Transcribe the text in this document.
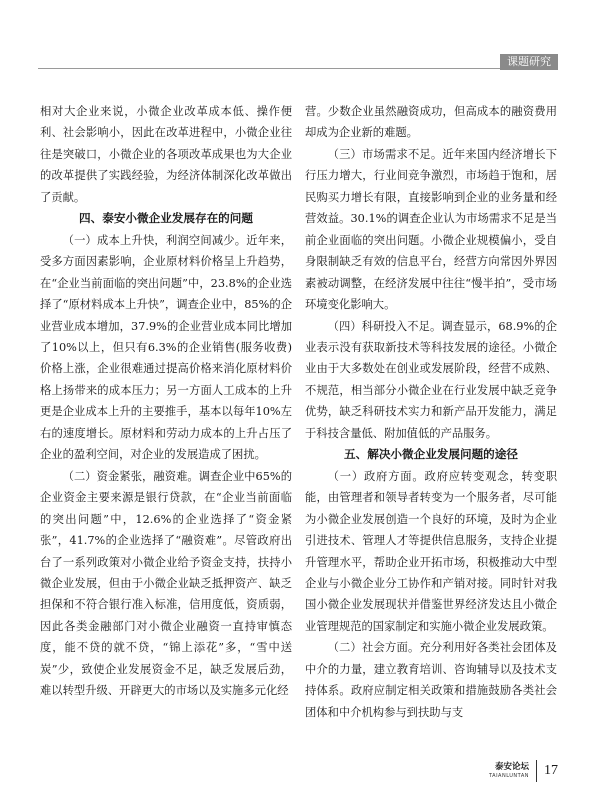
课题研究

相对大企业来说，小微企业改革成本低、操作便利、社会影响小，因此在改革进程中，小微企业往往是突破口，小微企业的各项改革成果也为大企业的改革提供了实践经验，为经济体制深化改革做出了贡献。

四、泰安小微企业发展存在的问题

（一）成本上升快，利润空间减少。近年来，受多方面因素影响，企业原材料价格呈上升趋势，在“企业当前面临的突出问题”中，23.8%的企业选择了“原材料成本上升快”，调查企业中，85%的企业营业成本增加，37.9%的企业营业成本同比增加了10%以上，但只有6.3%的企业销售(服务收费)价格上涨，企业很难通过提高价格来消化原材料价格上扬带来的成本压力；另一方面人工成本的上升更是企业成本上升的主要推手，基本以每年10%左右的速度增长。原材料和劳动力成本的上升占压了企业的盈利空间，对企业的发展造成了困扰。

（二）资金紧张，融资难。调查企业中65%的企业资金主要来源是银行贷款，在“企业当前面临的突出问题”中，12.6%的企业选择了“资金紧张”，41.7%的企业选择了“融资难”。尽管政府出台了一系列政策对小微企业给予资金支持，扶持小微企业发展，但由于小微企业缺乏抵押资产、缺乏担保和不符合银行准入标准，信用度低，资质弱，因此各类金融部门对小微企业融资一直持审慎态度，能不贷的就不贷，“锦上添花”多，“雪中送炭”少，致使企业发展资金不足，缺乏发展后劲，难以转型升级、开辟更大的市场以及实施多元化经

营。少数企业虽然融资成功，但高成本的融资费用却成为企业新的难题。

（三）市场需求不足。近年来国内经济增长下行压力增大，行业间竞争激烈，市场趋于饱和，居民购买力增长有限，直接影响到企业的业务量和经营效益。30.1%的调查企业认为市场需求不足是当前企业面临的突出问题。小微企业规模偏小，受自身限制缺乏有效的信息平台，经营方向常因外界因素被动调整，在经济发展中往往“慢半拍”，受市场环境变化影响大。

（四）科研投入不足。调查显示，68.9%的企业表示没有获取新技术等科技发展的途径。小微企业由于大多数处在创业或发展阶段，经营不成熟、不规范，相当部分小微企业在行业发展中缺乏竞争优势，缺乏科研技术实力和新产品开发能力，满足于科技含量低、附加值低的产品服务。

五、解决小微企业发展问题的途径

（一）政府方面。政府应转变观念，转变职能，由管理者和领导者转变为一个服务者，尽可能为小微企业发展创造一个良好的环境，及时为企业引进技术、管理人才等提供信息服务，支持企业提升管理水平，帮助企业开拓市场，积极推动大中型企业与小微企业分工协作和产销对接。同时针对我国小微企业发展现状并借鉴世界经济发达且小微企业管理规范的国家制定和实施小微企业发展政策。

（二）社会方面。充分利用好各类社会团体及中介的力量，建立教育培训、咨询辅导以及技术支持体系。政府应制定相关政策和措施鼓励各类社会团体和中介机构参与到扶助与支

泰安论坛
TAIANLUNTAN 17
